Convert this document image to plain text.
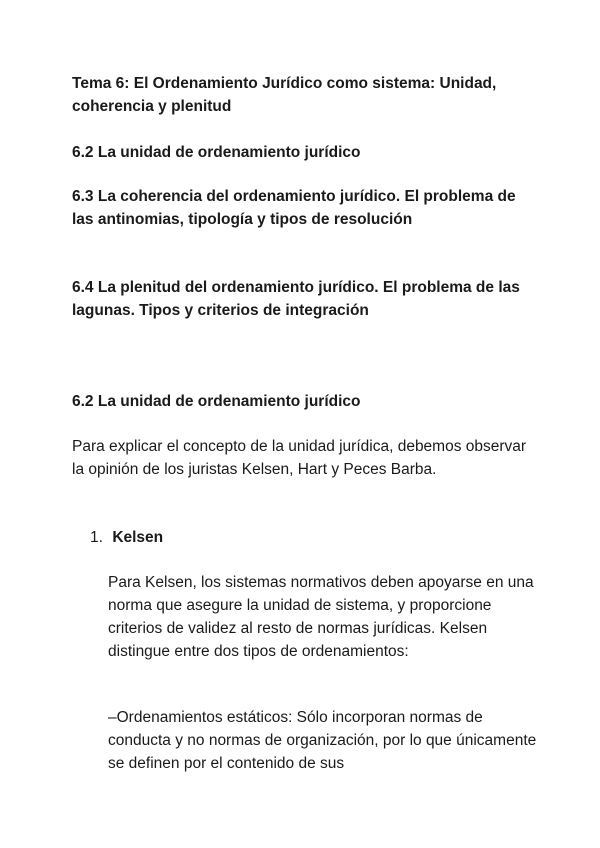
Tema 6: El Ordenamiento Jurídico como sistema: Unidad, coherencia y plenitud
6.2 La unidad de ordenamiento jurídico
6.3 La coherencia del ordenamiento jurídico. El problema de las antinomias, tipología y tipos de resolución
6.4 La plenitud del ordenamiento jurídico. El problema de las lagunas. Tipos y criterios de integración
6.2 La unidad de ordenamiento jurídico
Para explicar el concepto de la unidad jurídica, debemos observar la opinión de los juristas Kelsen, Hart y Peces Barba.
1. Kelsen
Para Kelsen, los sistemas normativos deben apoyarse en una norma que asegure la unidad de sistema, y proporcione criterios de validez al resto de normas jurídicas. Kelsen distingue entre dos tipos de ordenamientos:
–Ordenamientos estáticos: Sólo incorporan normas de conducta y no normas de organización, por lo que únicamente se definen por el contenido de sus
